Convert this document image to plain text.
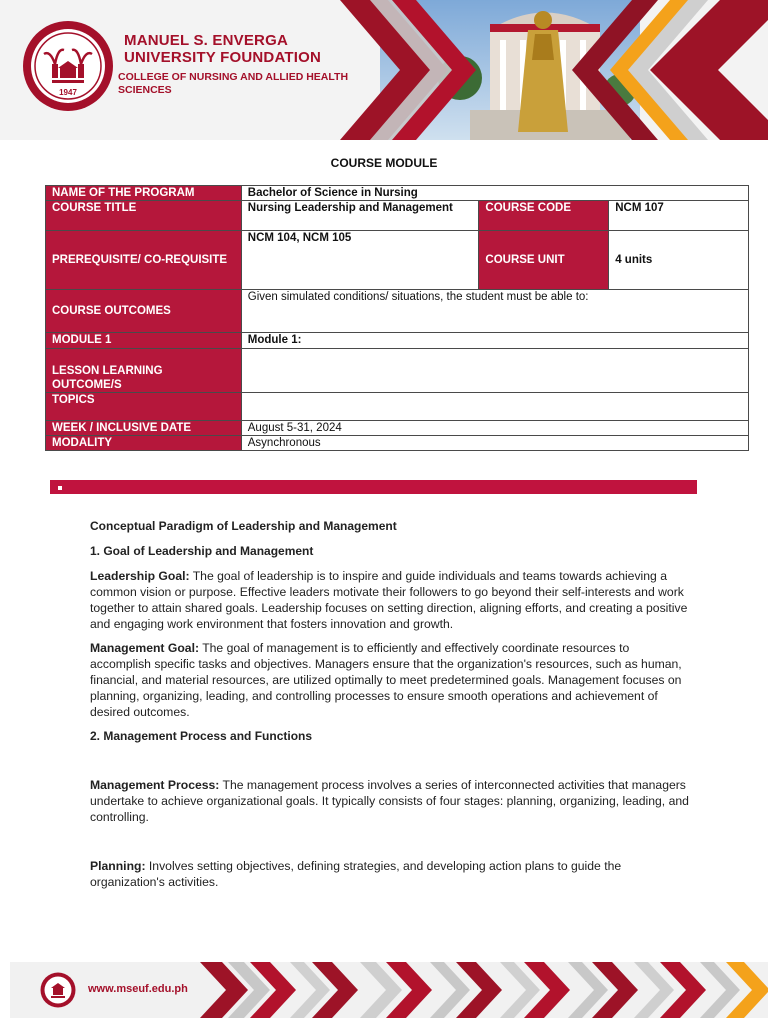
1947
MANUEL S. ENVERGA
UNIVERSITY FOUNDATION
COLLEGE OF NURSING AND ALLIED HEALTH
SCIENCES
COURSE MODULE
NAME OF THE PROGRAM	Bachelor of Science in Nursing		
COURSE TITLE	Nursing Leadership and Management	COURSE CODE	NCM 107
PREREQUISITE/ CO-REQUISITE	NCM 104, NCM 105	COURSE UNIT	4 units
COURSE OUTCOMES	Given simulated conditions/ situations, the student must be able to:		
MODULE 1	Module 1:		
LESSON LEARNING OUTCOME/S			
TOPICS			
WEEK / INCLUSIVE DATE	August 5-31, 2024		
MODALITY	Asynchronous		
Conceptual Paradigm of Leadership and Management
1. Goal of Leadership and Management

Leadership Goal: The goal of leadership is to inspire and guide individuals and teams towards achieving a common vision or purpose. Effective leaders motivate their followers to go beyond their self-interests and work together to attain shared goals. Leadership focuses on setting direction, aligning efforts, and creating a positive and engaging work environment that fosters innovation and growth.

Management Goal: The goal of management is to efficiently and effectively coordinate resources to accomplish specific tasks and objectives. Managers ensure that the organization's resources, such as human, financial, and material resources, are utilized optimally to meet predetermined goals. Management focuses on planning, organizing, leading, and controlling processes to ensure smooth operations and achievement of desired outcomes.

2. Management Process and Functions

Management Process: The management process involves a series of interconnected activities that managers undertake to achieve organizational goals. It typically consists of four stages: planning, organizing, leading, and controlling.

Planning: Involves setting objectives, defining strategies, and developing action plans to guide the organization's activities.

www.mseuf.edu.ph
